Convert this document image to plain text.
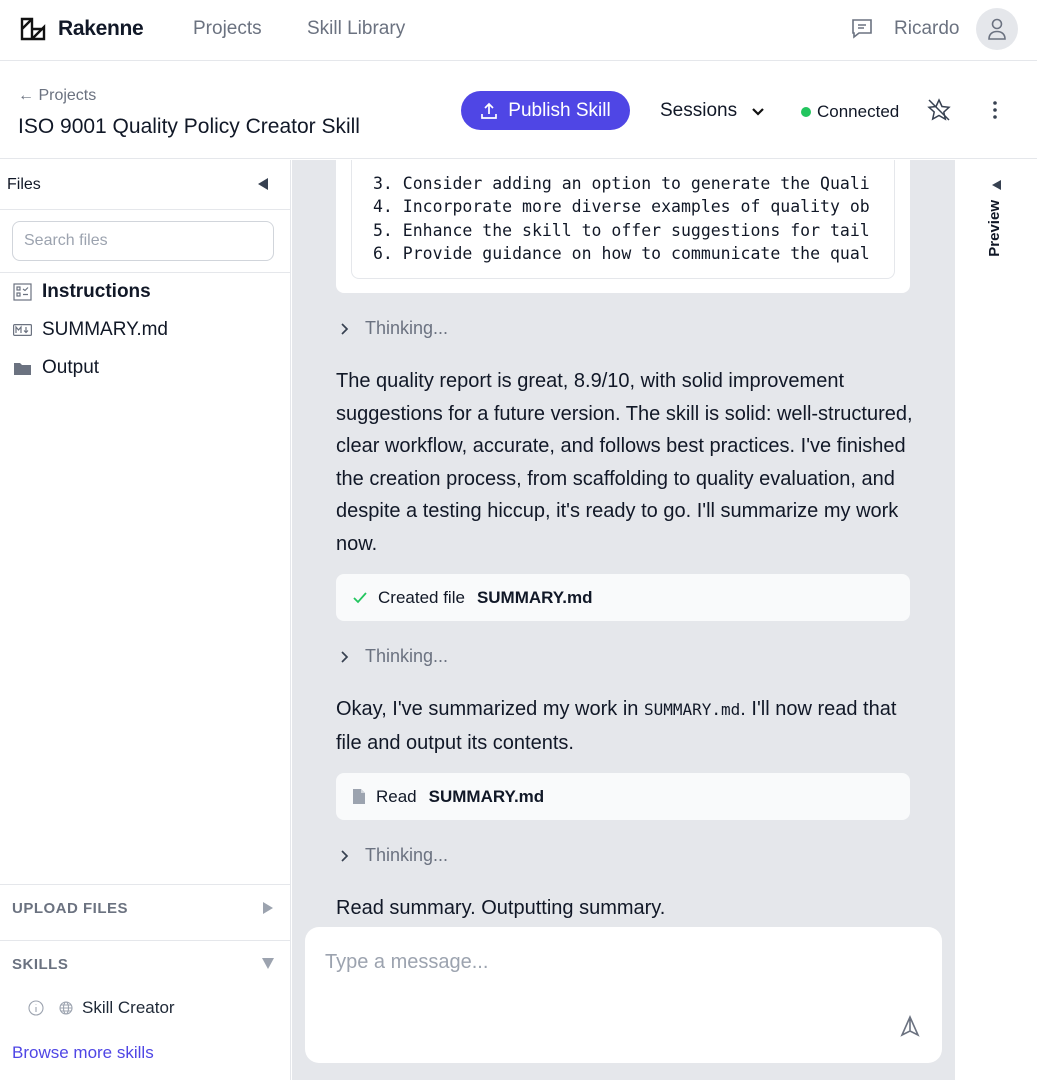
Rakenne	Projects Skill Library	Ricardo
← Projects
ISO 9001 Quality Policy Creator Skill
Publish Skill	Sessions	Connected
Files
Search files
Instructions
SUMMARY.md
Output
UPLOAD FILES
SKILLS
Skill Creator
Browse more skills
3. Consider adding an option to generate the Quali
4. Incorporate more diverse examples of quality ob
5. Enhance the skill to offer suggestions for tail
6. Provide guidance on how to communicate the qual
Thinking...
The quality report is great, 8.9/10, with solid improvement suggestions for a future version. The skill is solid: well-structured, clear workflow, accurate, and follows best practices. I've finished the creation process, from scaffolding to quality evaluation, and despite a testing hiccup, it's ready to go. I'll summarize my work now.
Created file SUMMARY.md
Thinking...
Okay, I've summarized my work in SUMMARY.md. I'll now read that file and output its contents.
Read SUMMARY.md
Thinking...
Read summary. Outputting summary.
Type a message...
Preview
